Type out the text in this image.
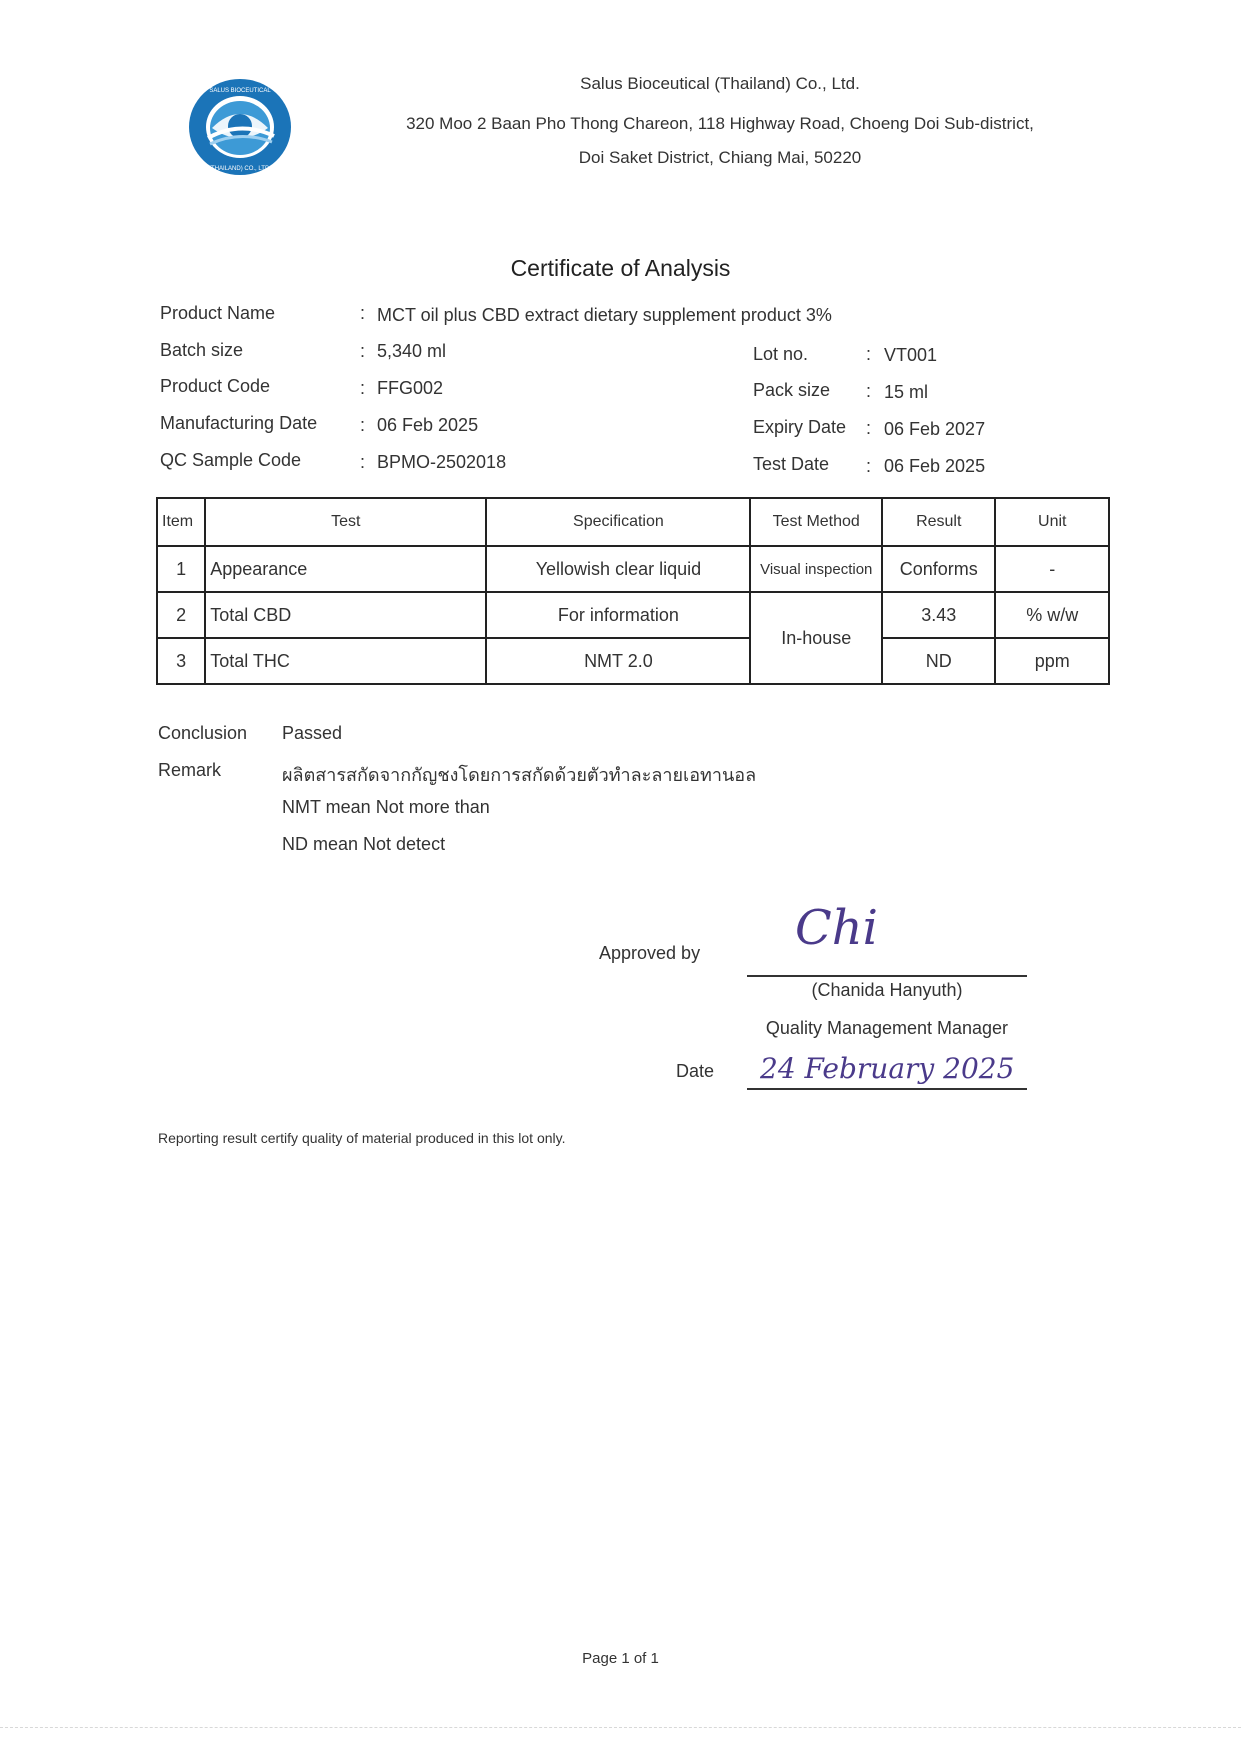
SALUS BIOCEUTICAL
(THAILAND) CO., LTD.
Salus Bioceutical (Thailand) Co., Ltd.
320 Moo 2 Baan Pho Thong Chareon, 118 Highway Road, Choeng Doi Sub-district,
Doi Saket District, Chiang Mai, 50220
Certificate of Analysis
Product Name	: MCT oil plus CBD extract dietary supplement product 3%
Batch size	: 5,340 ml
Product Code	: FFG002
Manufacturing Date : 06 Feb 2025
QC Sample Code	: BPMO-2502018
Lot no.	: VT001
Pack size : 15 ml
Expiry Date : 06 Feb 2027
Test Date : 06 Feb 2025
Item	Test	Specification	Test Method	Result	Unit
1	Appearance	Yellowish clear liquid	Visual inspection	Conforms	-
2	Total CBD	For information	In-house	3.43	% w/w
3	Total THC	NMT 2.0		ND	ppm
Conclusion Passed
Remark	ผลิตสารสกัดจากกัญชงโดยการสกัดด้วยตัวทำละลายเอทานอล
NMT mean Not more than
ND mean Not detect
Approved by Chi
(Chanida Hanyuth)
Quality Management Manager
Date 24 February 2025
Reporting result certify quality of material produced in this lot only.
Page 1 of 1
